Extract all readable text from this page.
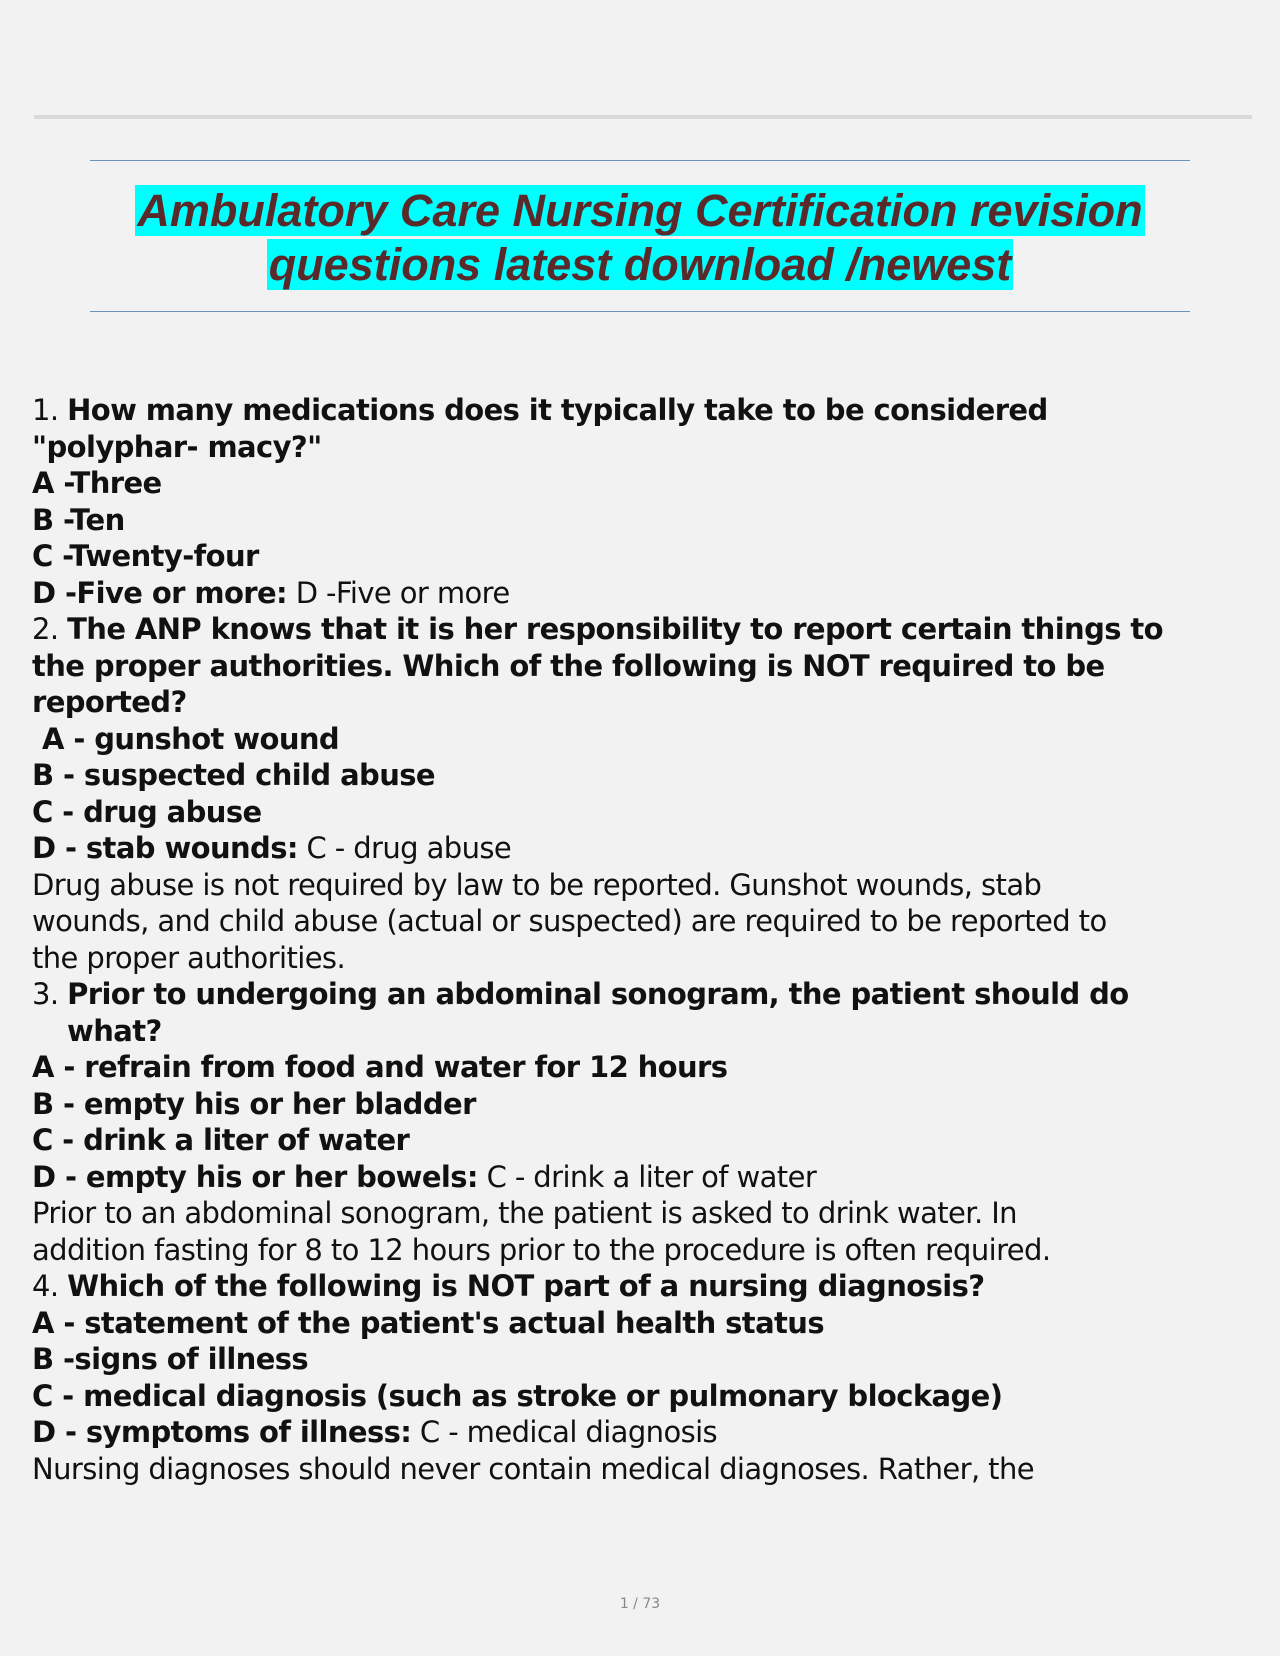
Ambulatory Care Nursing Certification revision
questions latest download /newest
1. How many medications does it typically take to be considered
"polyphar- macy?"
A -Three
B -Ten
C -Twenty-four
D -Five or more: D -Five or more
2. The ANP knows that it is her responsibility to report certain things to
the proper authorities. Which of the following is NOT required to be
reported?
A - gunshot wound
B - suspected child abuse
C - drug abuse
D - stab wounds: C - drug abuse
Drug abuse is not required by law to be reported. Gunshot wounds, stab
wounds, and child abuse (actual or suspected) are required to be reported to
the proper authorities.
3. Prior to undergoing an abdominal sonogram, the patient should do
what?
A - refrain from food and water for 12 hours
B - empty his or her bladder
C - drink a liter of water
D - empty his or her bowels: C - drink a liter of water
Prior to an abdominal sonogram, the patient is asked to drink water. In
addition fasting for 8 to 12 hours prior to the procedure is often required.
4. Which of the following is NOT part of a nursing diagnosis?
A - statement of the patient's actual health status
B -signs of illness
C - medical diagnosis (such as stroke or pulmonary blockage)
D - symptoms of illness: C - medical diagnosis
Nursing diagnoses should never contain medical diagnoses. Rather, the
1 / 73
